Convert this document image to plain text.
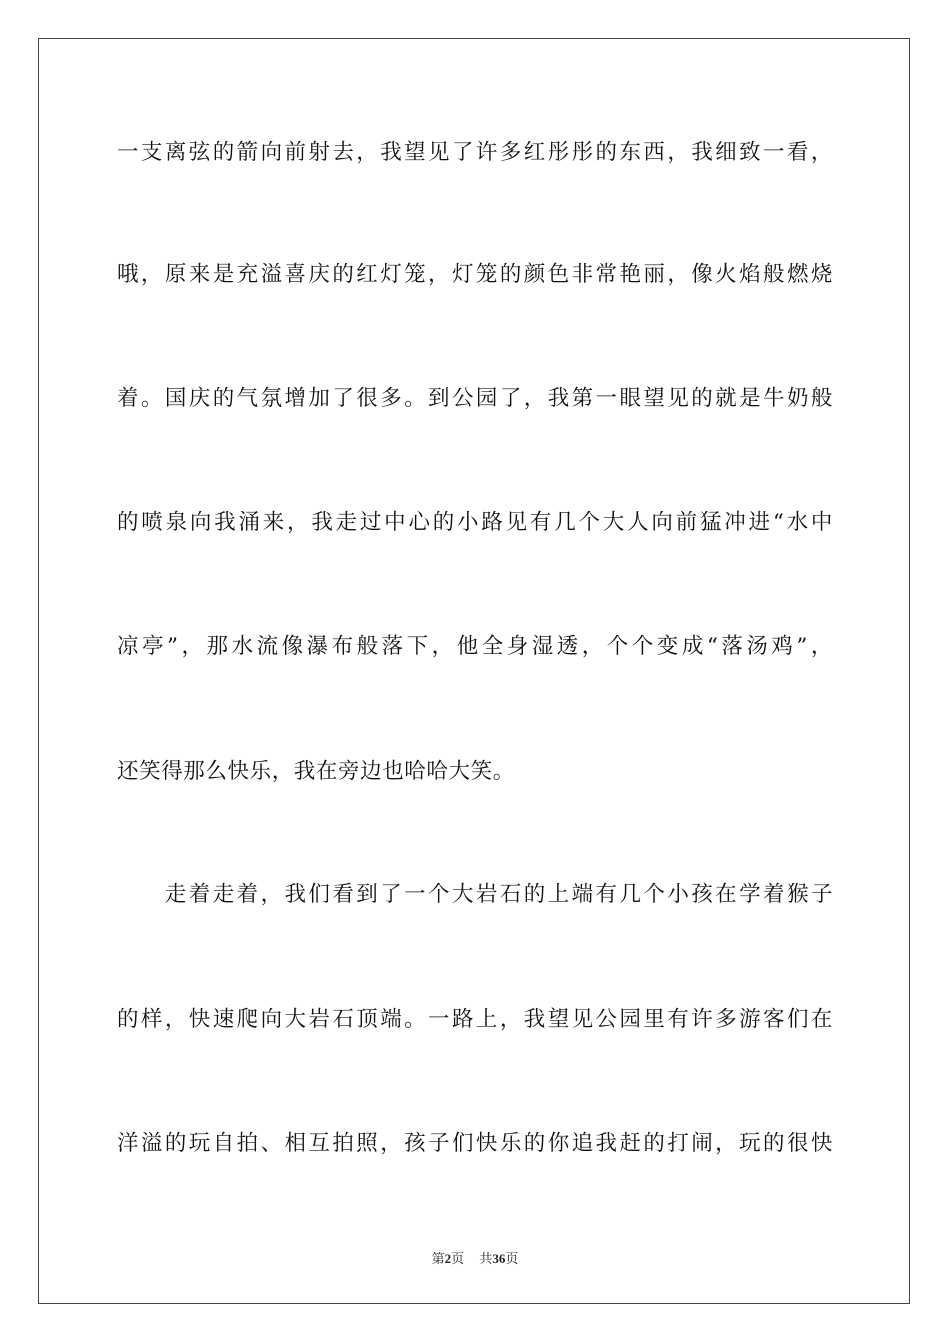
一支离弦的箭向前射去，我望见了许多红彤彤的东西，我细致一看，
哦，原来是充溢喜庆的红灯笼，灯笼的颜色非常艳丽，像火焰般燃烧
着。国庆的气氛增加了很多。到公园了，我第一眼望见的就是牛奶般
的喷泉向我涌来，我走过中心的小路见有几个大人向前猛冲进“水中
凉亭”，那水流像瀑布般落下，他全身湿透，个个变成“落汤鸡”，
还笑得那么快乐，我在旁边也哈哈大笑。
　　走着走着，我们看到了一个大岩石的上端有几个小孩在学着猴子
的样，快速爬向大岩石顶端。一路上，我望见公园里有许多游客们在
洋溢的玩自拍、相互拍照，孩子们快乐的你追我赶的打闹，玩的很快
第2页 共36页
